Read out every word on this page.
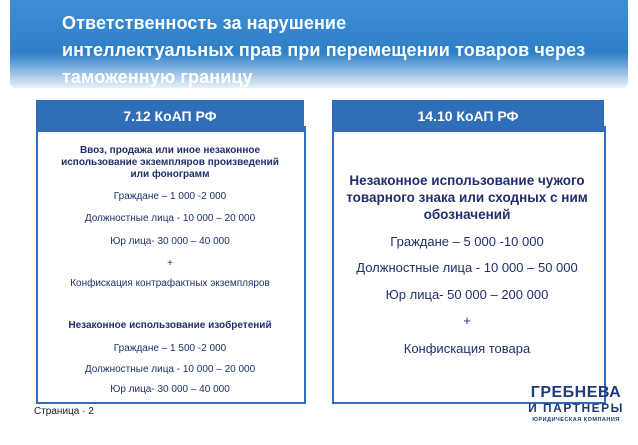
Ответственность за нарушение
интеллектуальных прав при перемещении товаров через
таможенную границу
7.12 КоАП РФ
Ввоз, продажа или иное незаконное
использование экземпляров произведений
или фонограмм
Граждане – 1 000 -2 000
Должностные лица - 10 000 – 20 000
Юр лица- 30 000 – 40 000
+
Конфискация контрафактных экземпляров
Незаконное использование изобретений
Граждане – 1 500 -2 000
Должностные лица - 10 000 – 20 000
Юр лица- 30 000 – 40 000
14.10 КоАП РФ
Незаконное использование чужого
товарного знака или сходных с ним
обозначений
Граждане – 5 000 -10 000
Должностные лица - 10 000 – 50 000
Юр лица- 50 000 – 200 000
+
Конфискация товара
Страница · 2
ГРЕБНЕВА
И ПАРТНЕРЫ
ЮРИДИЧЕСКАЯ КОМПАНИЯ
